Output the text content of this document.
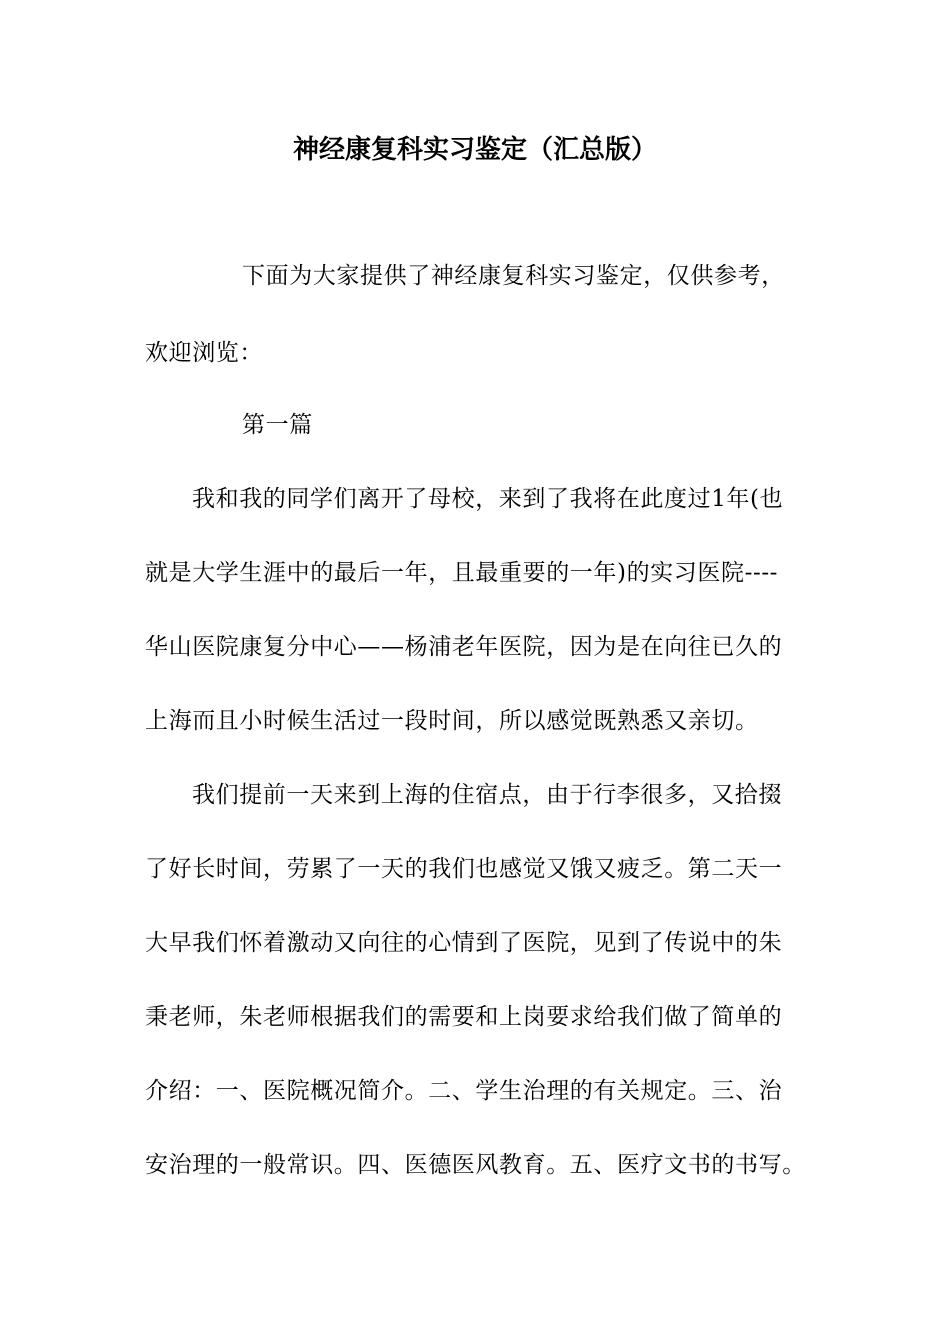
神经康复科实习鉴定（汇总版）
下面为大家提供了神经康复科实习鉴定，仅供参考，
欢迎浏览：
第一篇
我和我的同学们离开了母校，来到了我将在此度过1年(也
就是大学生涯中的最后一年，且最重要的一年)的实习医院----
华山医院康复分中心——杨浦老年医院，因为是在向往已久的
上海而且小时候生活过一段时间，所以感觉既熟悉又亲切。
我们提前一天来到上海的住宿点，由于行李很多，又拾掇
了好长时间，劳累了一天的我们也感觉又饿又疲乏。第二天一
大早我们怀着激动又向往的心情到了医院，见到了传说中的朱
秉老师，朱老师根据我们的需要和上岗要求给我们做了简单的
介绍：一、医院概况简介。二、学生治理的有关规定。三、治
安治理的一般常识。四、医德医风教育。五、医疗文书的书写。
